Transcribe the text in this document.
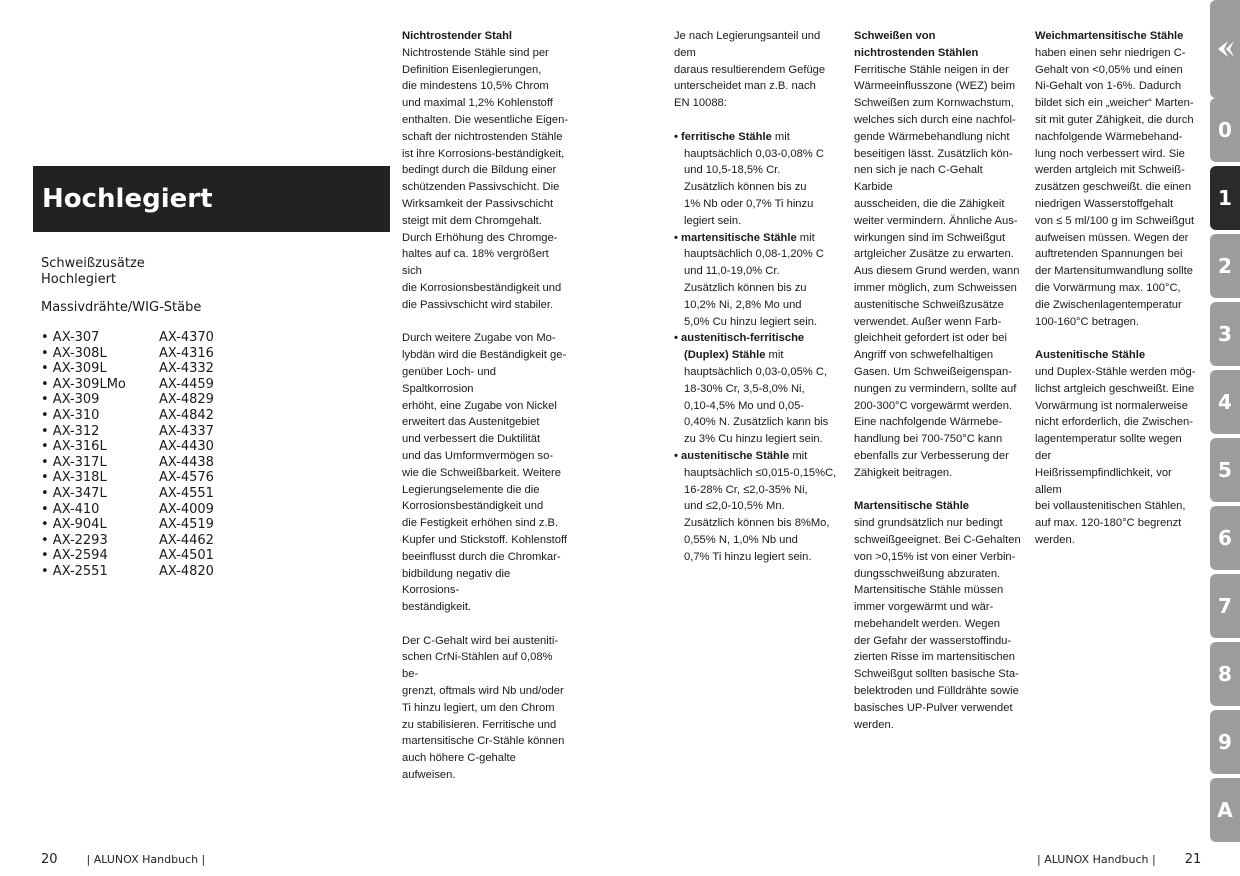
Hochlegiert
Schweißzusätze
Hochlegiert
Massivdrähte/WIG-Stäbe
• AX-307	AX-4370
• AX-308L	AX-4316
• AX-309L	AX-4332
• AX-309LMo	AX-4459
• AX-309	AX-4829
• AX-310	AX-4842
• AX-312	AX-4337
• AX-316L	AX-4430
• AX-317L	AX-4438
• AX-318L	AX-4576
• AX-347L	AX-4551
• AX-410	AX-4009
• AX-904L	AX-4519
• AX-2293	AX-4462
• AX-2594	AX-4501
• AX-2551	AX-4820
Nichtrostender Stahl
Nichtrostende Stähle sind per
Definition Eisenlegierungen,
die mindestens 10,5% Chrom
und maximal 1,2% Kohlenstoff
enthalten. Die wesentliche Eigen-
schaft der nichtrostenden Stähle
ist ihre Korrosions-beständigkeit,
bedingt durch die Bildung einer
schützenden Passivschicht. Die
Wirksamkeit der Passivschicht
steigt mit dem Chromgehalt.
Durch Erhöhung des Chromge-
haltes auf ca. 18% vergrößert sich
die Korrosionsbeständigkeit und
die Passivschicht wird stabiler.
Durch weitere Zugabe von Mo-
lybdän wird die Beständigkeit ge-
genüber Loch- und Spaltkorrosion
erhöht, eine Zugabe von Nickel
erweitert das Austenitgebiet
und verbessert die Duktilität
und das Umformvermögen so-
wie die Schweißbarkeit. Weitere
Legierungselemente die die
Korrosionsbeständigkeit und
die Festigkeit erhöhen sind z.B.
Kupfer und Stickstoff. Kohlenstoff
beeinflusst durch die Chromkar-
bidbildung negativ die Korrosions-
beständigkeit.
Der C-Gehalt wird bei austeniti-
schen CrNi-Stählen auf 0,08% be-
grenzt, oftmals wird Nb und/oder
Ti hinzu legiert, um den Chrom
zu stabilisieren. Ferritische und
martensitische Cr-Stähle können
auch höhere C-gehalte aufweisen.
Je nach Legierungsanteil und dem
daraus resultierendem Gefüge
unterscheidet man z.B. nach
EN 10088:
• ferritische Stähle mit
hauptsächlich 0,03-0,08% C
und 10,5-18,5% Cr.
Zusätzlich können bis zu
1% Nb oder 0,7% Ti hinzu
legiert sein.
• martensitische Stähle mit
hauptsächlich 0,08-1,20% C
und 11,0-19,0% Cr.
Zusätzlich können bis zu
10,2% Ni, 2,8% Mo und
5,0% Cu hinzu legiert sein.
• austenitisch-ferritische
(Duplex) Stähle mit
hauptsächlich 0,03-0,05% C,
18-30% Cr, 3,5-8,0% Ni,
0,10-4,5% Mo und 0,05-
0,40% N. Zusätzlich kann bis
zu 3% Cu hinzu legiert sein.
• austenitische Stähle mit
hauptsächlich ≤0,015-0,15%C,
16-28% Cr, ≤2,0-35% Ni,
und ≤2,0-10,5% Mn.
Zusätzlich können bis 8%Mo,
0,55% N, 1,0% Nb und
0,7% Ti hinzu legiert sein.
Schweißen von
nichtrostenden Stählen
Ferritische Stähle neigen in der
Wärmeeinflusszone (WEZ) beim
Schweißen zum Kornwachstum,
welches sich durch eine nachfol-
gende Wärmebehandlung nicht
beseitigen lässt. Zusätzlich kön-
nen sich je nach C-Gehalt Karbide
ausscheiden, die die Zähigkeit
weiter vermindern. Ähnliche Aus-
wirkungen sind im Schweißgut
artgleicher Zusätze zu erwarten.
Aus diesem Grund werden, wann
immer möglich, zum Schweissen
austenitische Schweißzusätze
verwendet. Außer wenn Farb-
gleichheit gefordert ist oder bei
Angriff von schwefelhaltigen
Gasen. Um Schweißeigenspan-
nungen zu vermindern, sollte auf
200-300°C vorgewärmt werden.
Eine nachfolgende Wärmebe-
handlung bei 700-750°C kann
ebenfalls zur Verbesserung der
Zähigkeit beitragen.
Martensitische Stähle
sind grundsätzlich nur bedingt
schweißgeeignet. Bei C-Gehalten
von >0,15% ist von einer Verbin-
dungsschweißung abzuraten.
Martensitische Stähle müssen
immer vorgewärmt und wär-
mebehandelt werden. Wegen
der Gefahr der wasserstoffindu-
zierten Risse im martensitischen
Schweißgut sollten basische Sta-
belektroden und Fülldrähte sowie
basisches UP-Pulver verwendet
werden.
Weichmartensitische Stähle
haben einen sehr niedrigen C-
Gehalt von <0,05% und einen
Ni-Gehalt von 1-6%. Dadurch
bildet sich ein „weicher“ Marten-
sit mit guter Zähigkeit, die durch
nachfolgende Wärmebehand-
lung noch verbessert wird. Sie
werden artgleich mit Schweiß-
zusätzen geschweißt. die einen
niedrigen Wasserstoffgehalt
von ≤ 5 ml/100 g im Schweißgut
aufweisen müssen. Wegen der
auftretenden Spannungen bei
der Martensitumwandlung sollte
die Vorwärmung max. 100°C,
die Zwischenlagentemperatur
100-160°C betragen.
Austenitische Stähle
und Duplex-Stähle werden mög-
lichst artgleich geschweißt. Eine
Vorwärmung ist normalerweise
nicht erforderlich, die Zwischen-
lagentemperatur sollte wegen der
Heißrissempfindlichkeit, vor allem
bei vollaustenitischen Stählen,
auf max. 120-180°C begrenzt
werden.
20	| ALUNOX Handbuch |	| ALUNOX Handbuch | 21
0
1
2
3
4
5
6
7
8
9
A
